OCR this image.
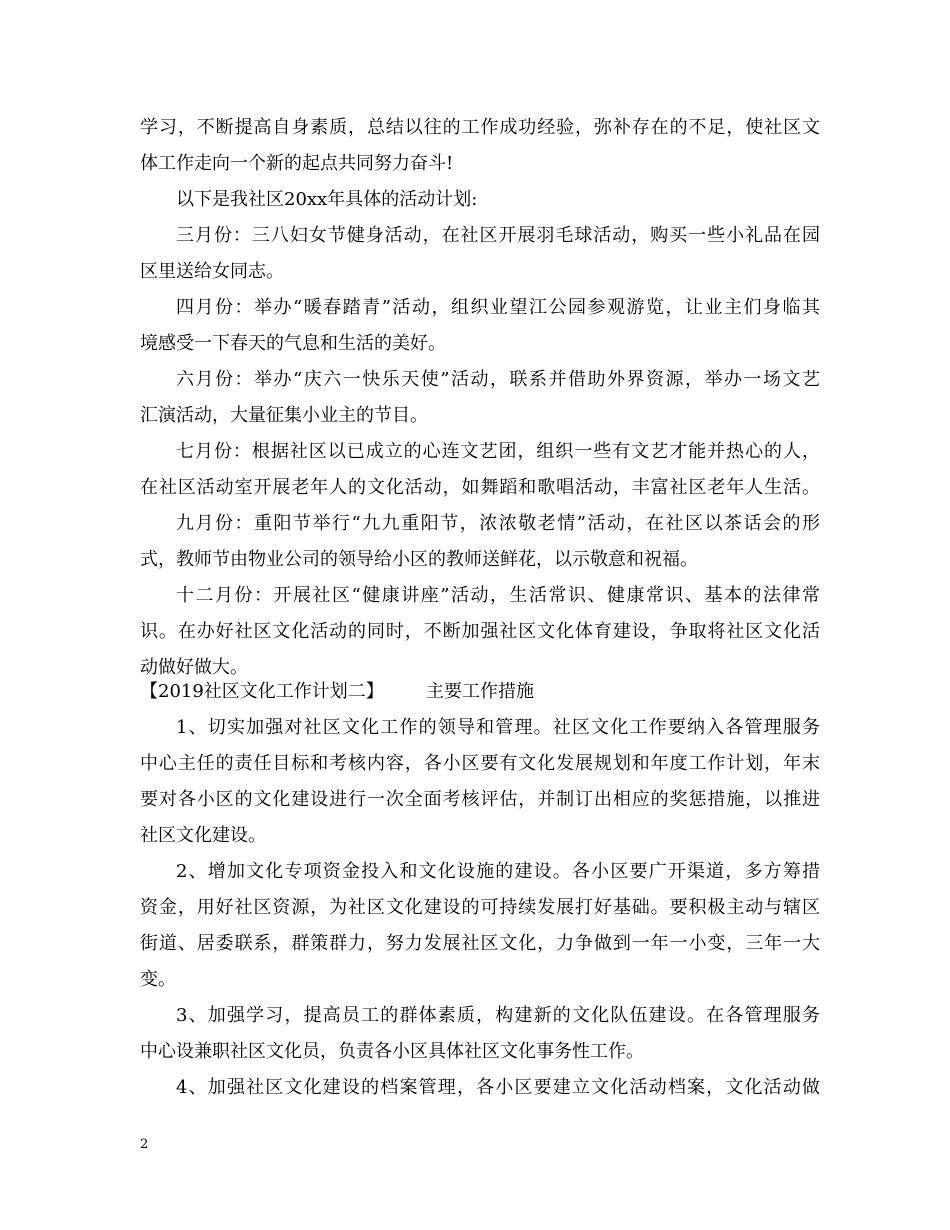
学习，不断提高自身素质，总结以往的工作成功经验，弥补存在的不足，使社区文
体工作走向一个新的起点共同努力奋斗!
以下是我社区20xx年具体的活动计划:
三月份：三八妇女节健身活动，在社区开展羽毛球活动，购买一些小礼品在园
区里送给女同志。
四月份：举办“暖春踏青”活动，组织业望江公园参观游览，让业主们身临其
境感受一下春天的气息和生活的美好。
六月份：举办“庆六一快乐天使”活动，联系并借助外界资源，举办一场文艺
汇演活动，大量征集小业主的节目。
七月份：根据社区以已成立的心连文艺团，组织一些有文艺才能并热心的人，
在社区活动室开展老年人的文化活动，如舞蹈和歌唱活动，丰富社区老年人生活。
九月份：重阳节举行“九九重阳节，浓浓敬老情”活动，在社区以茶话会的形
式，教师节由物业公司的领导给小区的教师送鲜花，以示敬意和祝福。
十二月份：开展社区“健康讲座”活动，生活常识、健康常识、基本的法律常
识。在办好社区文化活动的同时，不断加强社区文化体育建设，争取将社区文化活
动做好做大。
【2019社区文化工作计划二】 主要工作措施
1、切实加强对社区文化工作的领导和管理。社区文化工作要纳入各管理服务
中心主任的责任目标和考核内容，各小区要有文化发展规划和年度工作计划，年末
要对各小区的文化建设进行一次全面考核评估，并制订出相应的奖惩措施，以推进
社区文化建设。
2、增加文化专项资金投入和文化设施的建设。各小区要广开渠道，多方筹措
资金，用好社区资源，为社区文化建设的可持续发展打好基础。要积极主动与辖区
街道、居委联系，群策群力，努力发展社区文化，力争做到一年一小变，三年一大
变。
3、加强学习，提高员工的群体素质，构建新的文化队伍建设。在各管理服务
中心设兼职社区文化员，负责各小区具体社区文化事务性工作。
4、加强社区文化建设的档案管理，各小区要建立文化活动档案，文化活动做
2
